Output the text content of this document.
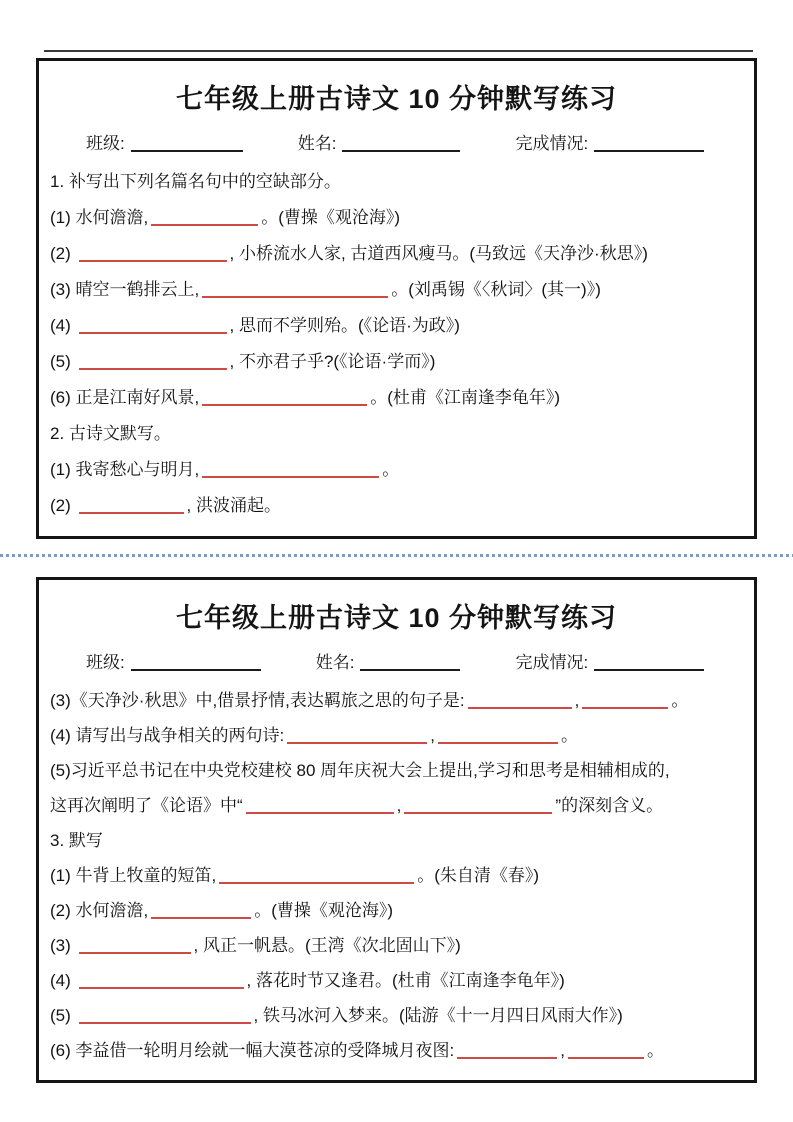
七年级上册古诗文 10 分钟默写练习
班级:	姓名:	完成情况:

1. 补写出下列名篇名句中的空缺部分。

(1) 水何澹澹,	。(曹操《观沧海》)

(2)	, 小桥流水人家, 古道西风瘦马。(马致远《天净沙·秋思》)

(3) 晴空一鹤排云上,	。(刘禹锡《〈秋词〉(其一)》)

(4)	, 思而不学则殆。(《论语·为政》)

(5)	, 不亦君子乎?(《论语·学而》)

(6) 正是江南好风景,	。(杜甫《江南逢李龟年》)

2. 古诗文默写。

(1) 我寄愁心与明月,	。

(2)	, 洪波涌起。

七年级上册古诗文 10 分钟默写练习
班级:	姓名:	完成情况:

(3)《天净沙·秋思》中,借景抒情,表达羁旅之思的句子是:	,	。

(4) 请写出与战争相关的两句诗:	,	。

(5)习近平总书记在中央党校建校 80 周年庆祝大会上提出,学习和思考是相辅相成的,

这再次阐明了《论语》中“	,	”的深刻含义。

3. 默写

(1) 牛背上牧童的短笛,	。(朱自清《春》)

(2) 水何澹澹,	。(曹操《观沧海》)

(3)	, 风正一帆悬。(王湾《次北固山下》)

(4)	, 落花时节又逢君。(杜甫《江南逢李龟年》)

(5)	, 铁马冰河入梦来。(陆游《十一月四日风雨大作》)

(6) 李益借一轮明月绘就一幅大漠苍凉的受降城月夜图:	,	。
